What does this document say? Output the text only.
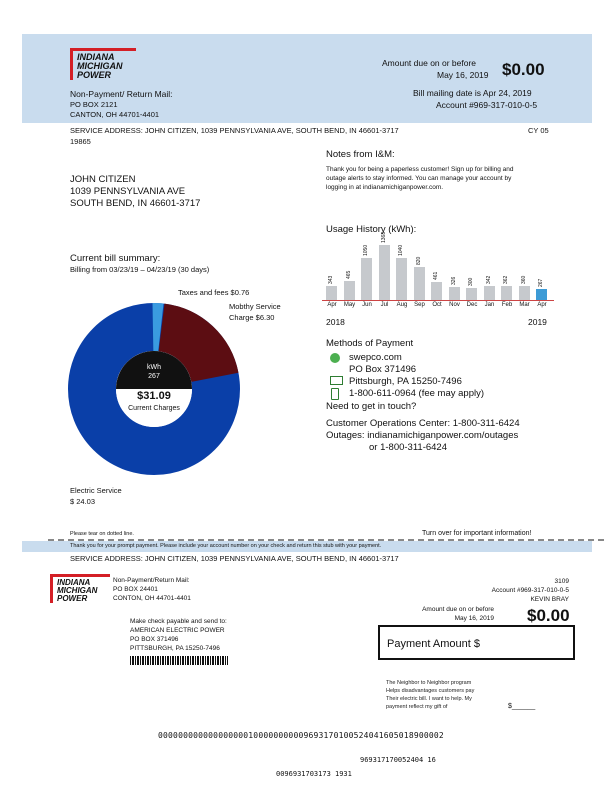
INDIANA MICHIGAN POWER
Non-Payment/ Return Mail:
PO BOX 2121
CANTON, OH 44701-4401
Amount due on or before
May 16, 2019 $0.00
Bill mailing date is Apr 24, 2019
Account #969-317-010-0-5
SERVICE ADDRESS: JOHN CITIZEN, 1039 PENNSYLVANIA AVE, SOUTH BEND, IN 46601-3717	CY 05
19865
JOHN CITIZEN
1039 PENNSYLVANIA AVE
SOUTH BEND, IN 46601-3717
Notes from I&M:
Thank you for being a paperless customer! Sign up for billing and
outage alerts to stay informed. You can manage your account by
logging in at indianamichiganpower.com.
Current bill summary:
Billing from 03/23/19 – 04/23/19 (30 days)
Taxes and fees $0.76
Mobthy Service
Charge $6.30
kWh
267
$31.09
Current Charges
Electric Service
$ 24.03
Usage History (kWh):
343
Apr
465
May
1050
Jun
1368
Jul
1040
Aug
820
Sep
461
Oct
326
Nov
300
Dec
342
Jan
362
Feb
360
Mar
267
Apr
2018	2019
Methods of Payment
swepco.com
PO Box 371496
Pittsburgh, PA 15250-7496
1-800-611-0964 (fee may apply)
Need to get in touch?
Customer Operations Center: 1-800-311-6424
Outages: indianamichiganpower.com/outages
or 1-800-311-6424
Please tear on dotted line.	Turn over for important information!
Thank you for your prompt payment. Please include your account number on your check and return this stub with your payment.
SERVICE ADDRESS: JOHN CITIZEN, 1039 PENNSYLVANIA AVE, SOUTH BEND, IN 46601-3717
INDIANA MICHIGAN POWER
Non-Payment/Return Mail:
PO BOX 24401
CONTON, OH 44701-4401
3109
Account #969-317-010-0-5
KEVIN BRAY
Amount due on or before
May 16, 2019 $0.00
Make check payable and send to:
AMERICAN ELECTRIC POWER
PO BOX 371496
PITTSBURGH, PA 15250-7496	Payment Amount $
The Neighbor to Neighbor program
Helps disadvantages customers pay
Their electric bill. I want to help. My
payment reflect my gift of	$______
000000000000000000100000000009693170100524041605018900002
969317170052404 16
0096931703173 1931
